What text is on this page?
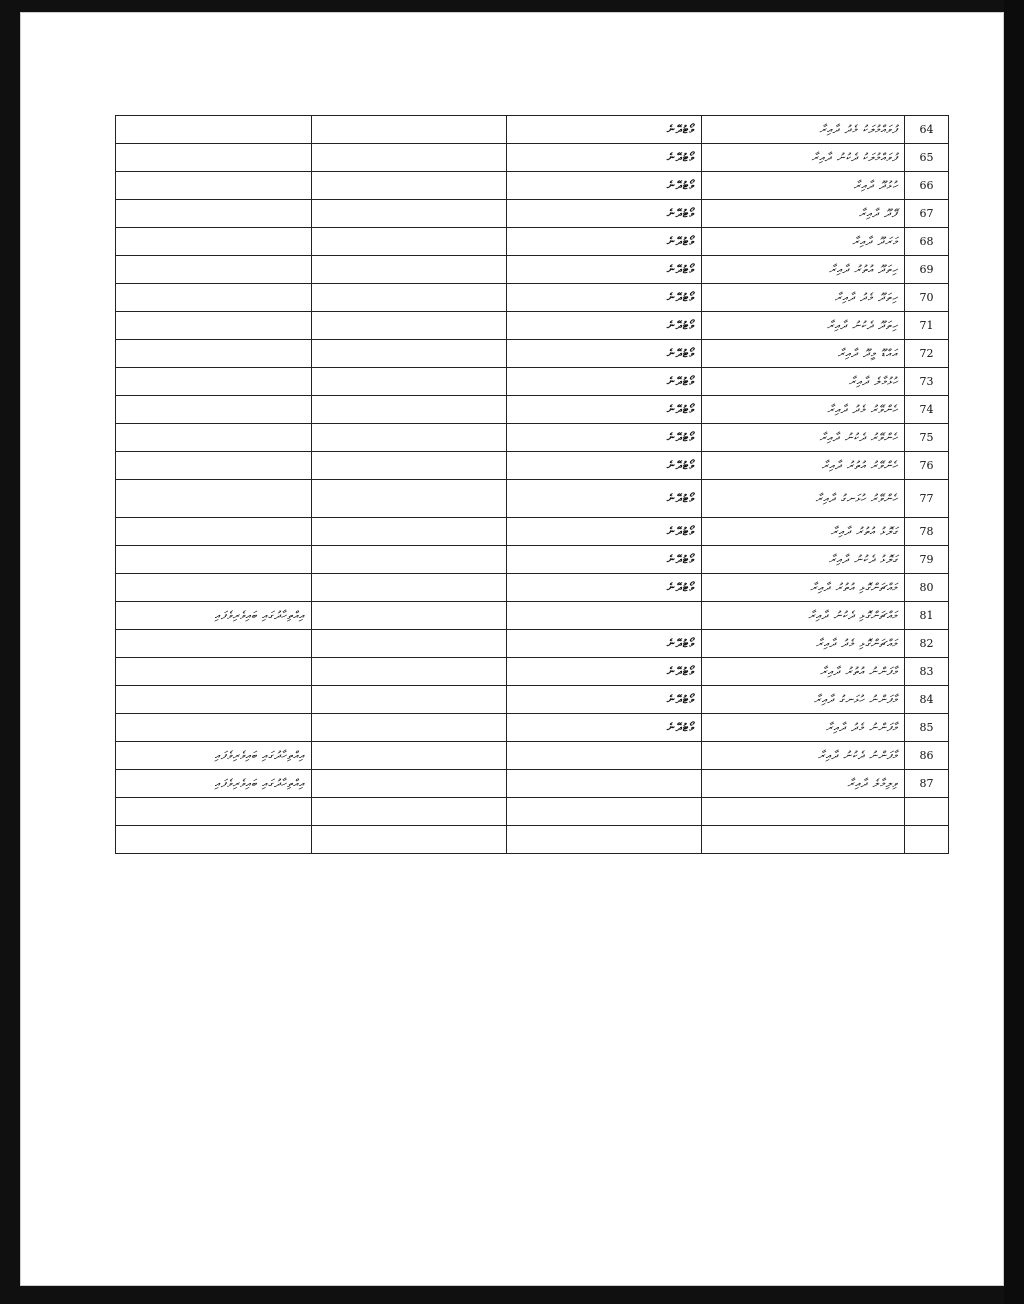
		ވޯޓުދޭނެ	ފުވައްމުލަކު މެދު ދާއިރާ	64
		ވޯޓުދޭނެ	ފުވައްމުލަކު ދެކުނު ދާއިރާ	65
		ވޯޓުދޭނެ	ހުޅުދޫ ދާއިރާ	66
		ވޯޓުދޭނެ	ފޭދޫ ދާއިރާ	67
		ވޯޓުދޭނެ	މަރަދޫ ދާއިރާ	68
		ވޯޓުދޭނެ	ހިތަދޫ އުތުރު ދާއިރާ	69
		ވޯޓުދޭނެ	ހިތަދޫ މެދު ދާއިރާ	70
		ވޯޓުދޭނެ	ހިތަދޫ ދެކުނު ދާއިރާ	71
		ވޯޓުދޭނެ	އައްޑޫ މީދޫ ދާއިރާ	72
		ވޯޓުދޭނެ	ހުޅުމާލެ ދާއިރާ	73
		ވޯޓުދޭނެ	ހެންވޭރު މެދު ދާއިރާ	74
		ވޯޓުދޭނެ	ހެންވޭރު ދެކުނު ދާއިރާ	75
		ވޯޓުދޭނެ	ހެންވޭރު އުތުރު ދާއިރާ	76
		ވޯޓުދޭނެ	ހެންވޭރު ހުޅަނގު ދާއިރާ	77
		ވޯޓުދޭނެ	ގަލޮޅު އުތުރު ދާއިރާ	78
		ވޯޓުދޭނެ	ގަލޮޅު ދެކުނު ދާއިރާ	79
		ވޯޓުދޭނެ	މައްޗަންގޮޅި އުތުރު ދާއިރާ	80
އިއްތިހާދުގައި ބައިވެރިވެފައި			މައްޗަންގޮޅި ދެކުނު ދާއިރާ	81
		ވޯޓުދޭނެ	މައްޗަންގޮޅި މެދު ދާއިރާ	82
		ވޯޓުދޭނެ	މާފަންނު އުތުރު ދާއިރާ	83
		ވޯޓުދޭނެ	މާފަންނު ހުޅަނގު ދާއިރާ	84
		ވޯޓުދޭނެ	މާފަންނު މެދު ދާއިރާ	85
އިއްތިހާދުގައި ބައިވެރިވެފައި			މާފަންނު ދެކުނު ދާއިރާ	86
އިއްތިހާދުގައި ބައިވެރިވެފައި			ވިލިމާލެ ދާއިރާ	87
